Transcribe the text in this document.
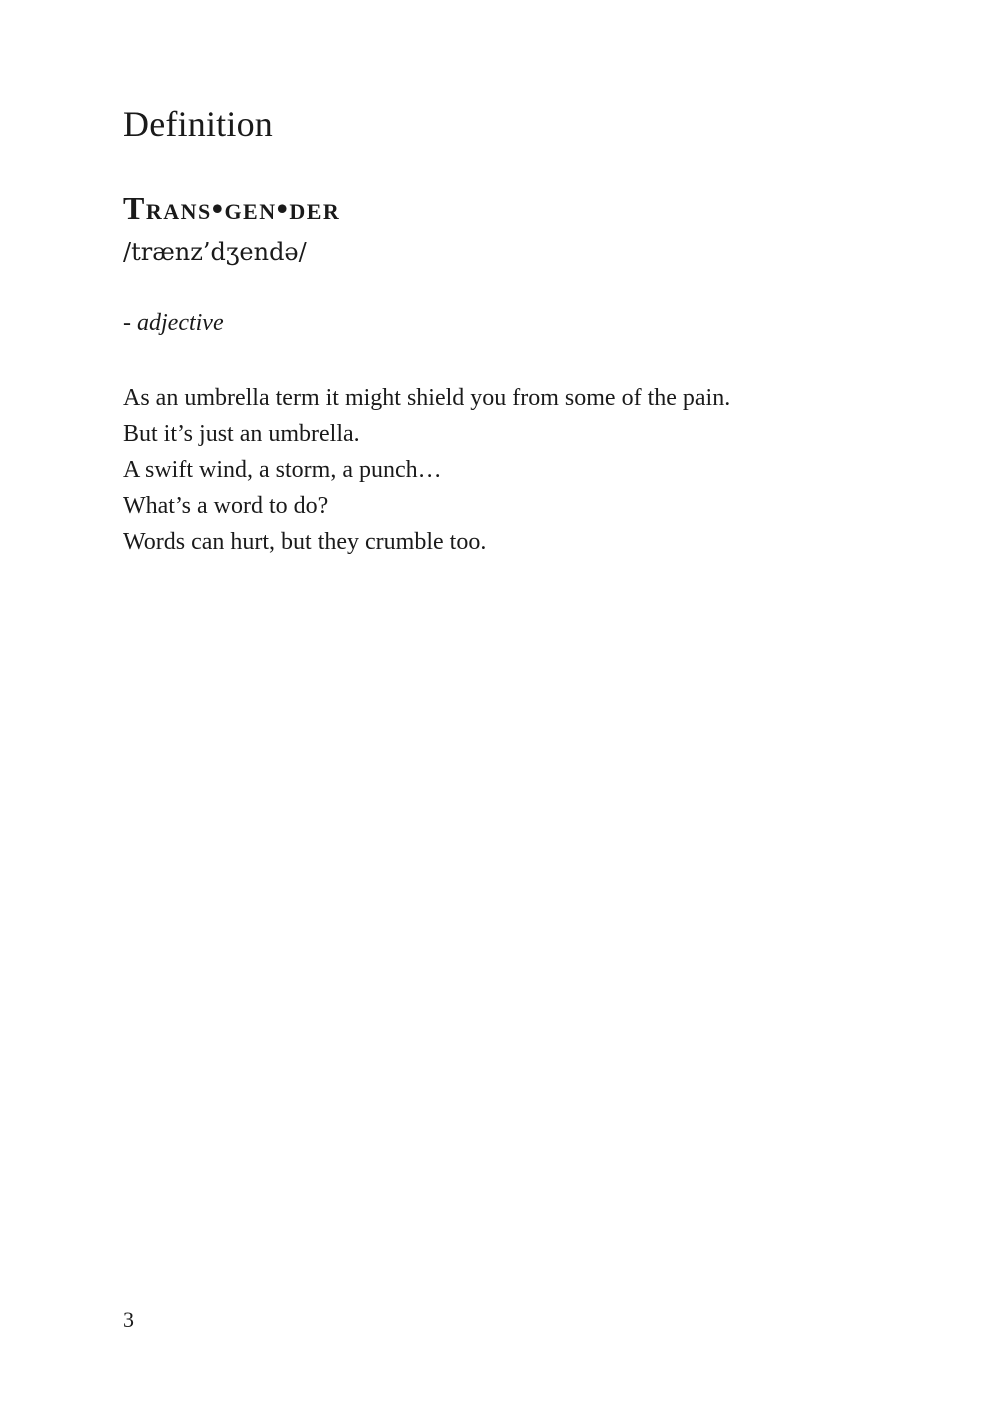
Definition
Trans•gen•der
/trænz’dʒendə/
- adjective
As an umbrella term it might shield you from some of the pain.
But it’s just an umbrella.
A swift wind, a storm, a punch…
What’s a word to do?
Words can hurt, but they crumble too.
3
